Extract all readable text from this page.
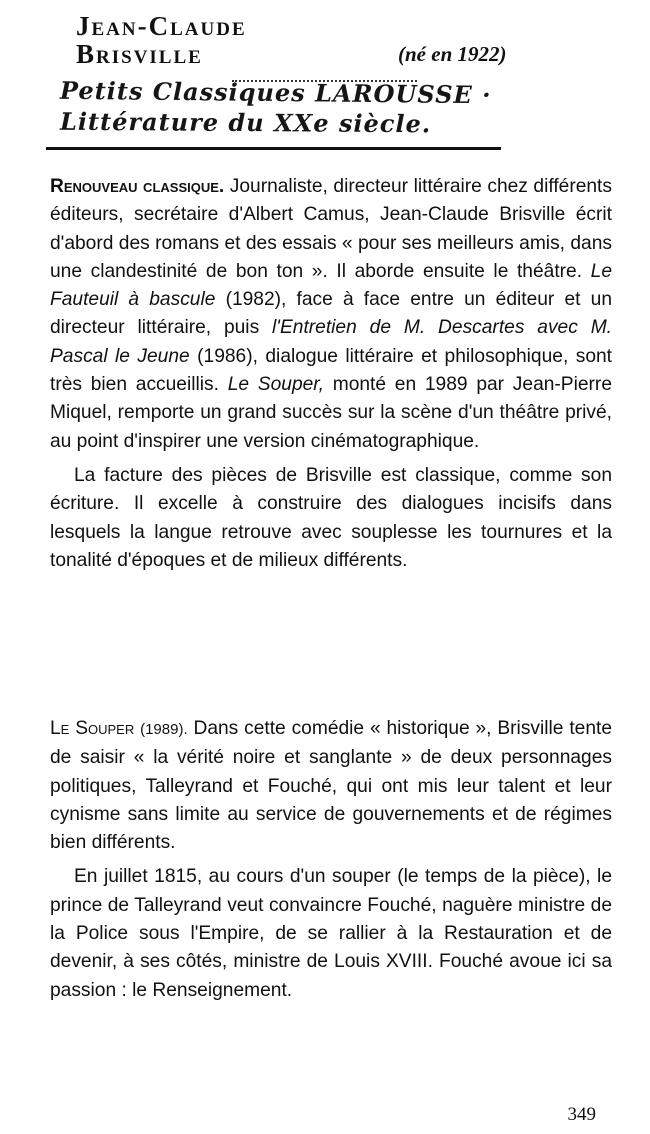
Jean-Claude
Brisville	(né en 1922)
Petits Classiques LAROUSSE ·
Littérature du XXe siècle.

Renouveau classique. Journaliste, directeur littéraire chez différents éditeurs, secrétaire d'Albert Camus, Jean-Claude Brisville écrit d'abord des romans et des essais « pour ses meilleurs amis, dans une clandestinité de bon ton ». Il aborde ensuite le théâtre. Le Fauteuil à bascule (1982), face à face entre un éditeur et un directeur littéraire, puis l'Entretien de M. Descartes avec M. Pascal le Jeune (1986), dialogue littéraire et philosophique, sont très bien accueillis. Le Souper, monté en 1989 par Jean-Pierre Miquel, remporte un grand succès sur la scène d'un théâtre privé, au point d'inspirer une version cinématographique.

La facture des pièces de Brisville est classique, comme son écriture. Il excelle à construire des dialogues incisifs dans lesquels la langue retrouve avec souplesse les tournures et la tonalité d'époques et de milieux différents.

Le Souper (1989). Dans cette comédie « historique », Brisville tente de saisir « la vérité noire et sanglante » de deux personnages politiques, Talleyrand et Fouché, qui ont mis leur talent et leur cynisme sans limite au service de gouvernements et de régimes bien différents.

En juillet 1815, au cours d'un souper (le temps de la pièce), le prince de Talleyrand veut convaincre Fouché, naguère ministre de la Police sous l'Empire, de se rallier à la Restauration et de devenir, à ses côtés, ministre de Louis XVIII. Fouché avoue ici sa passion : le Renseignement.

349
